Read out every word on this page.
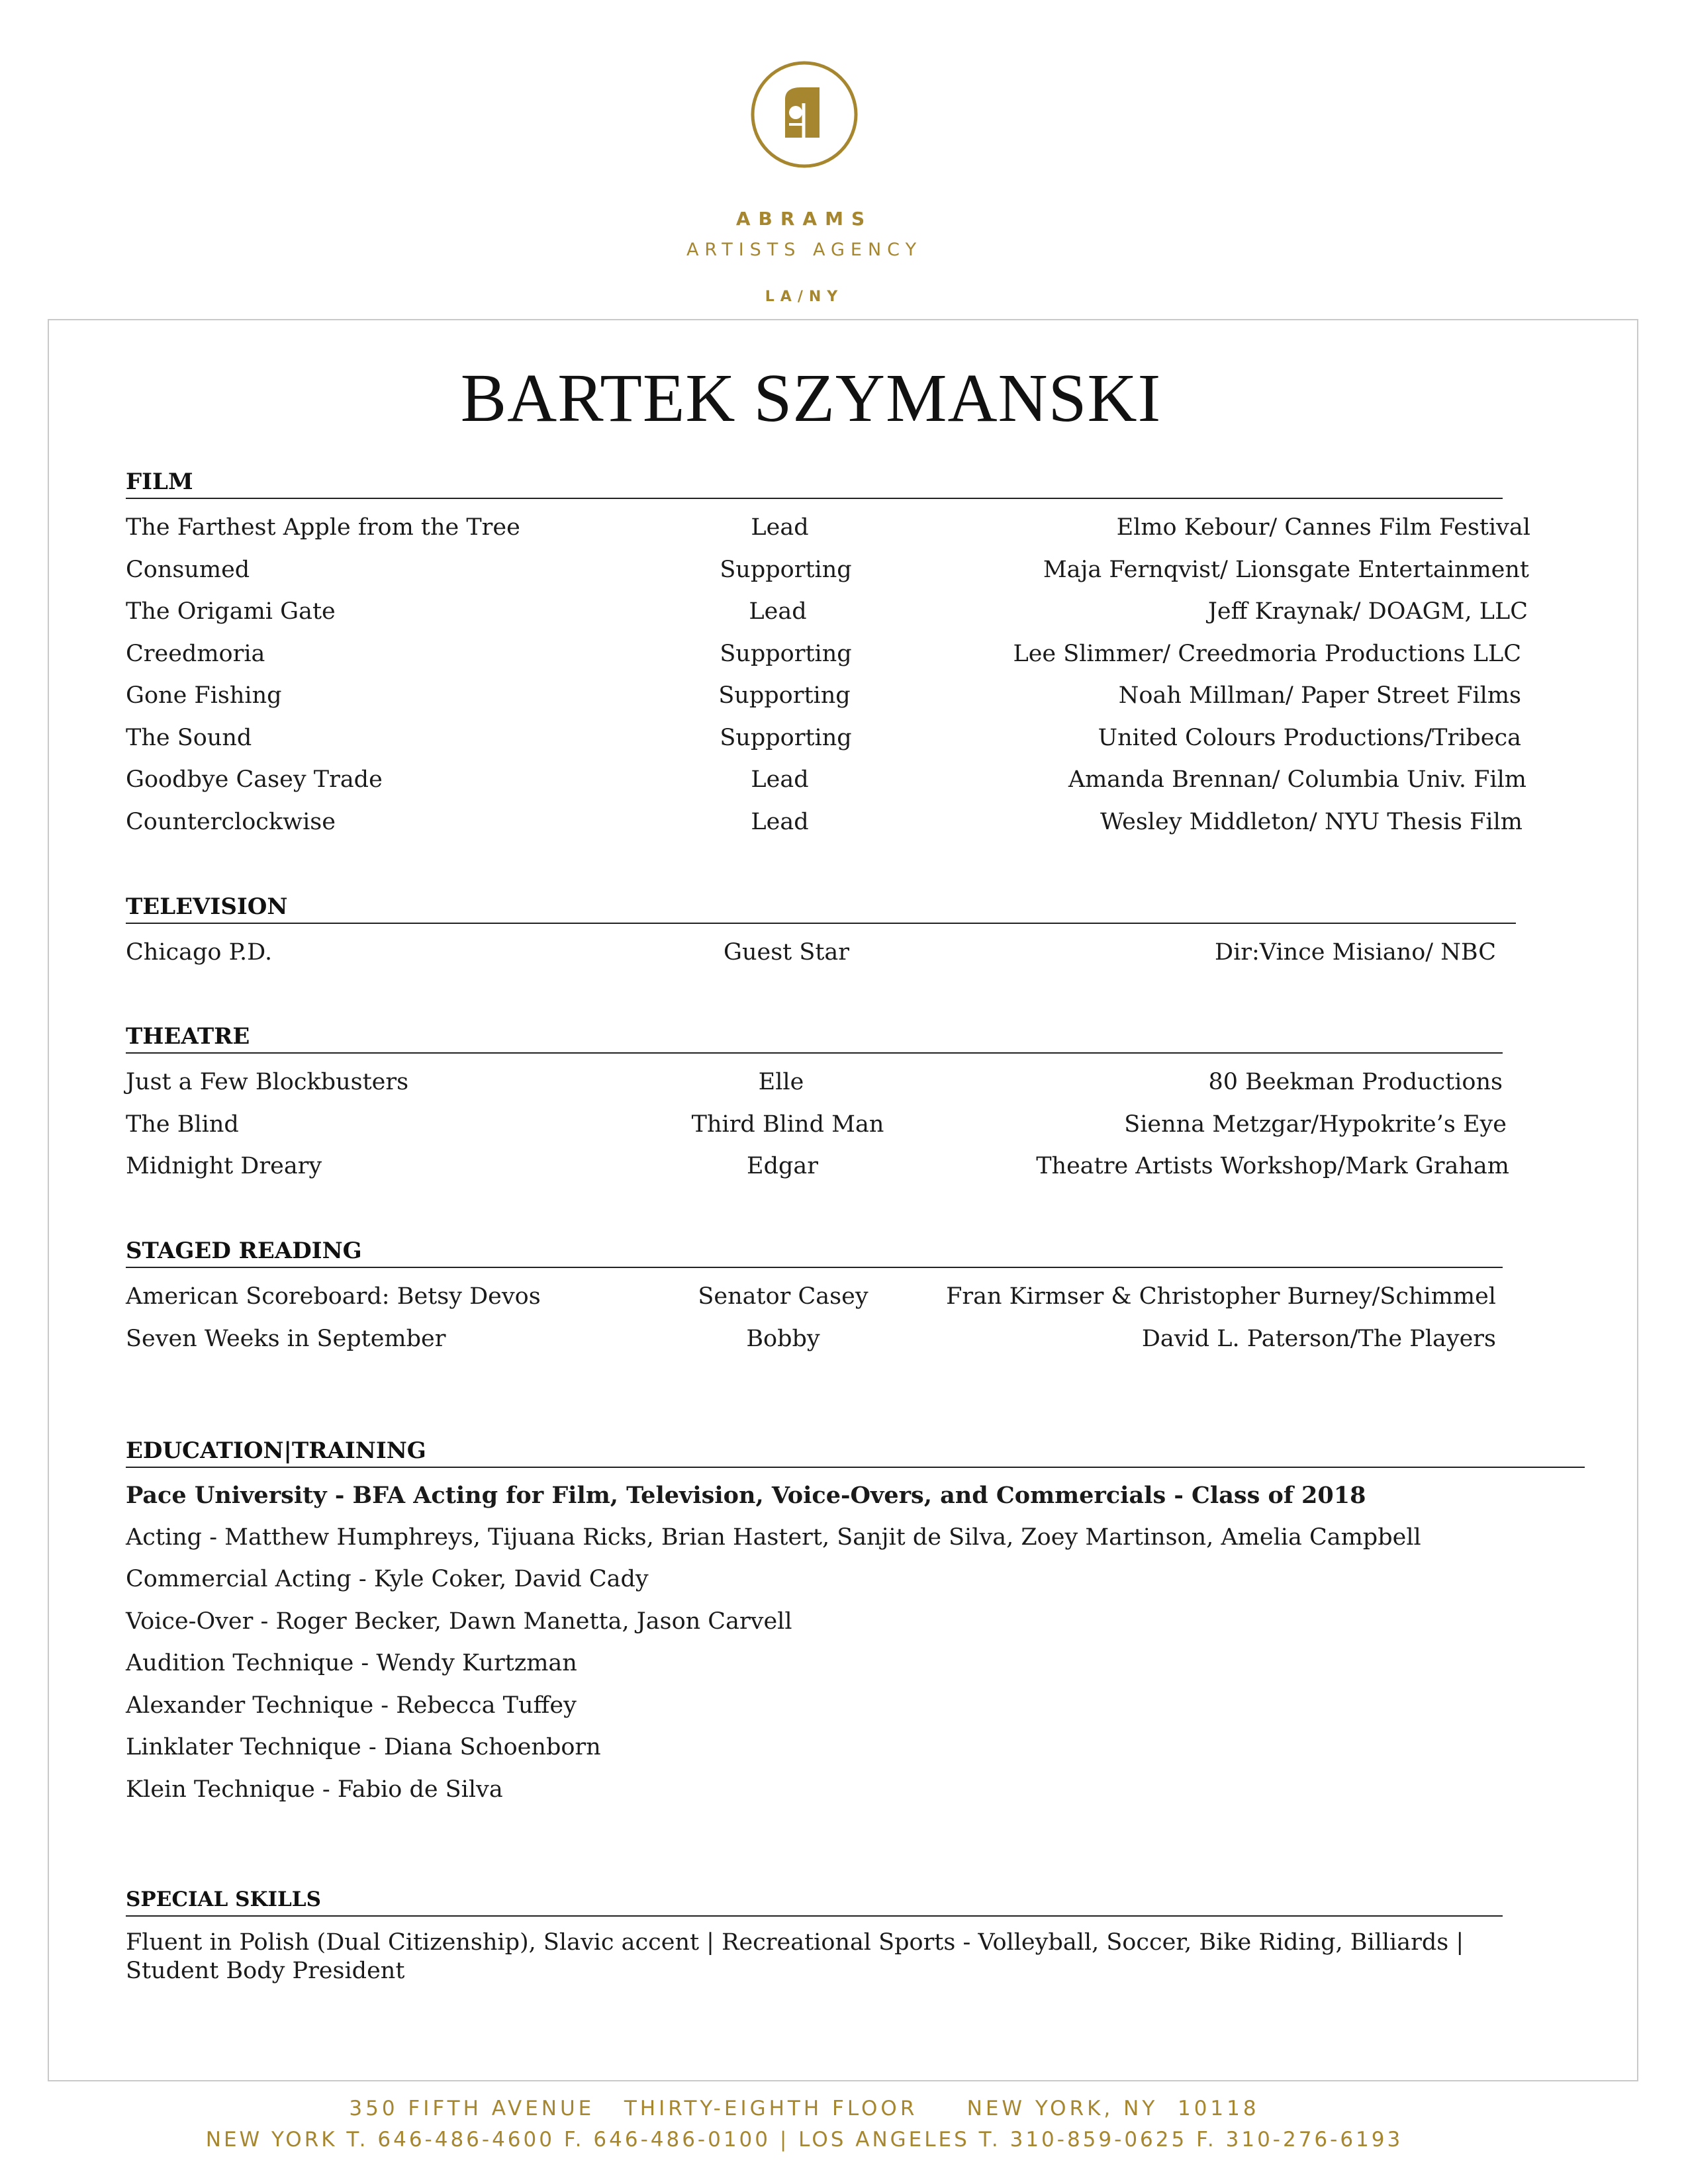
ABRAMS
ARTISTS AGENCY
LA/NY
BARTEK SZYMANSKI
FILM
The Farthest Apple from the Tree	Lead	Elmo Kebour/ Cannes Film Festival
Consumed	Supporting	Maja Fernqvist/ Lionsgate Entertainment
The Origami Gate	Lead	Jeff Kraynak/ DOAGM, LLC
Creedmoria	Supporting	Lee Slimmer/ Creedmoria Productions LLC
Gone Fishing	Supporting	Noah Millman/ Paper Street Films
The Sound	Supporting	United Colours Productions/Tribeca
Goodbye Casey Trade	Lead	Amanda Brennan/ Columbia Univ. Film
Counterclockwise	Lead	Wesley Middleton/ NYU Thesis Film
TELEVISION
Chicago P.D.	Guest Star	Dir:Vince Misiano/ NBC
THEATRE
Just a Few Blockbusters	Elle	80 Beekman Productions
The Blind	Third Blind Man	Sienna Metzgar/Hypokrite’s Eye
Midnight Dreary	Edgar	Theatre Artists Workshop/Mark Graham
STAGED READING
American Scoreboard: Betsy Devos	Senator Casey	Fran Kirmser & Christopher Burney/Schimmel
Seven Weeks in September	Bobby	David L. Paterson/The Players
EDUCATION|TRAINING
Pace University - BFA Acting for Film, Television, Voice-Overs, and Commercials - Class of 2018
Acting - Matthew Humphreys, Tijuana Ricks, Brian Hastert, Sanjit de Silva, Zoey Martinson, Amelia Campbell
Commercial Acting - Kyle Coker, David Cady
Voice-Over - Roger Becker, Dawn Manetta, Jason Carvell
Audition Technique - Wendy Kurtzman
Alexander Technique - Rebecca Tuffey
Linklater Technique - Diana Schoenborn
Klein Technique - Fabio de Silva
SPECIAL SKILLS
Fluent in Polish (Dual Citizenship), Slavic accent | Recreational Sports - Volleyball, Soccer, Bike Riding, Billiards | Student Body President
350 FIFTH AVENUE   THIRTY-EIGHTH FLOOR     NEW YORK, NY  10118
NEW YORK T. 646-486-4600 F. 646-486-0100 | LOS ANGELES T. 310-859-0625 F. 310-276-6193
